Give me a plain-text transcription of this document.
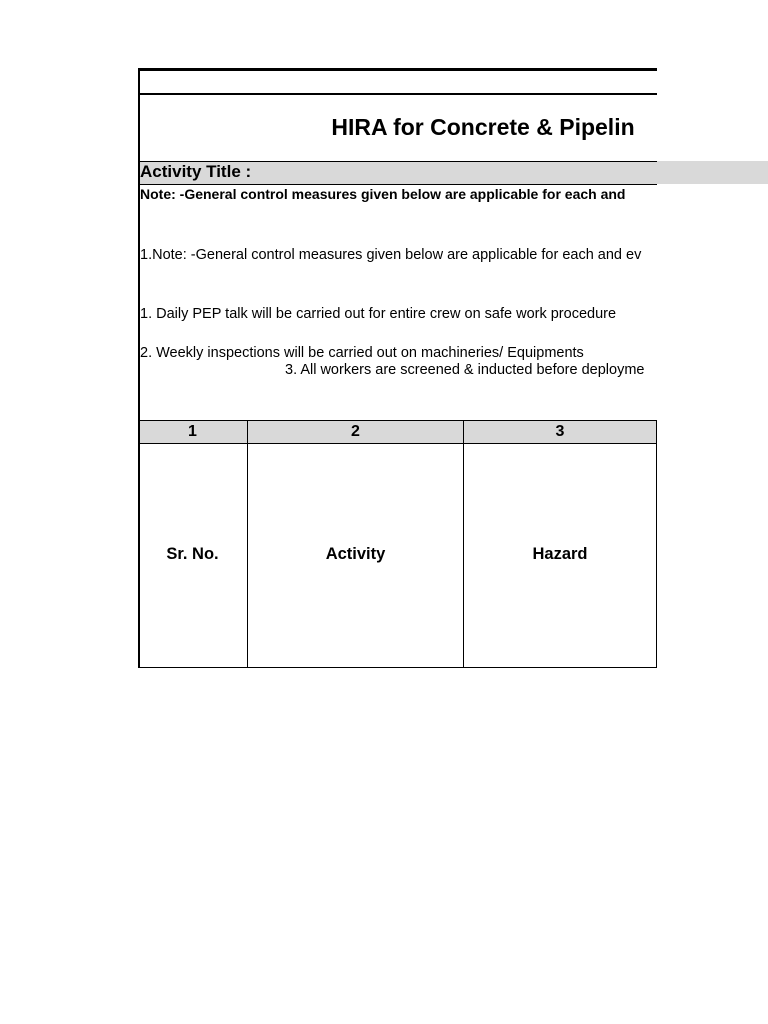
HIRA for Concrete & Pipelin
Activity Title :
Note: -General control measures given below are applicable for each and
1.Note: -General control measures given below are applicable for each and ev
1. Daily PEP talk will be carried out for entire crew on safe work procedure
2. Weekly inspections will be carried out on machineries/ Equipments
3. All workers are screened & inducted before deployme
1	2	3
Sr. No.	Activity	Hazard
